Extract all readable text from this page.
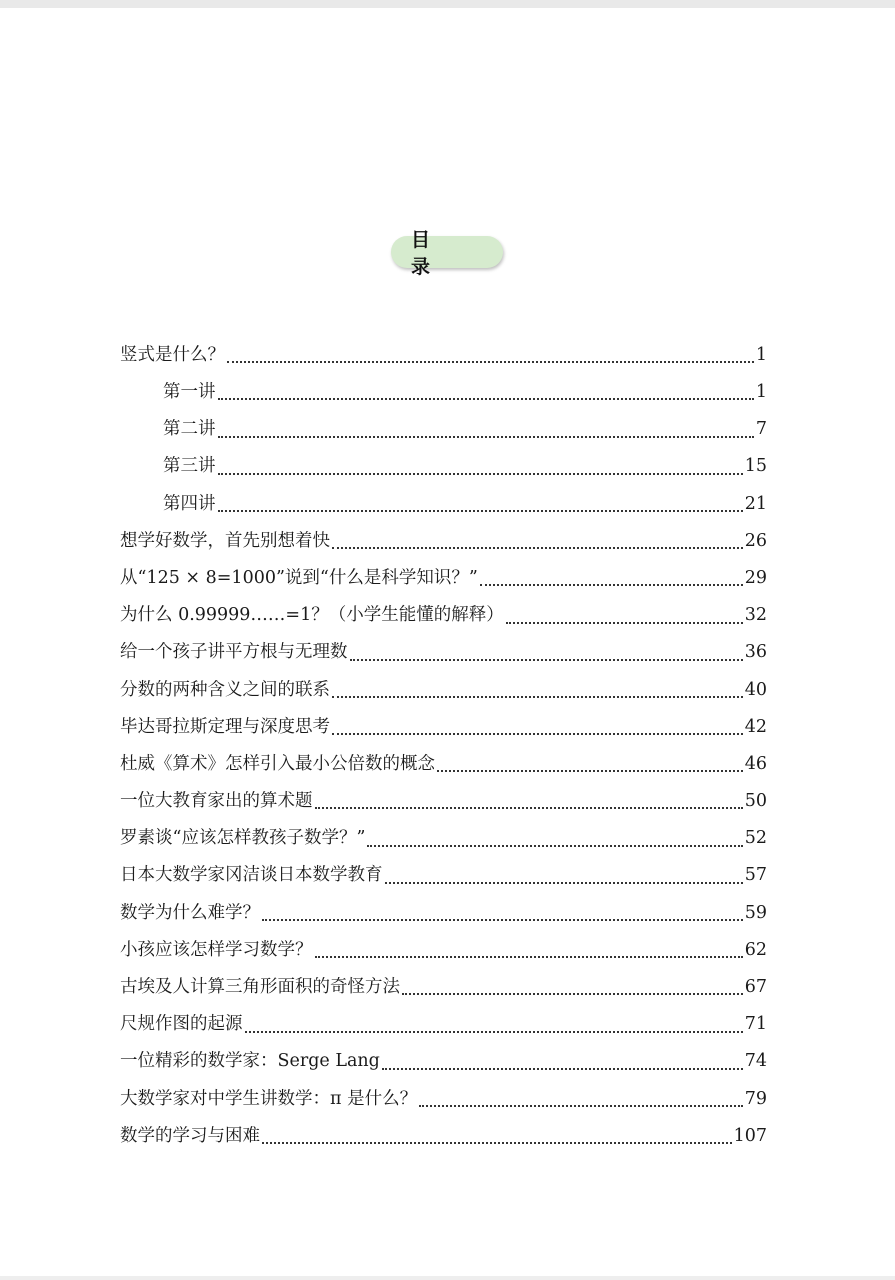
目 录
竖式是什么？	1
第一讲	1
第二讲	7
第三讲	15
第四讲	21
想学好数学，首先别想着快	26
从“125 × 8=1000”说到“什么是科学知识？”	29
为什么 0.99999……=1？（小学生能懂的解释）	32
给一个孩子讲平方根与无理数	36
分数的两种含义之间的联系	40
毕达哥拉斯定理与深度思考	42
杜威《算术》怎样引入最小公倍数的概念	46
一位大教育家出的算术题	50
罗素谈“应该怎样教孩子数学？”	52
日本大数学家冈洁谈日本数学教育	57
数学为什么难学？	59
小孩应该怎样学习数学？	62
古埃及人计算三角形面积的奇怪方法	67
尺规作图的起源	71
一位精彩的数学家：Serge Lang	74
大数学家对中学生讲数学：π 是什么？	79
数学的学习与困难	107
